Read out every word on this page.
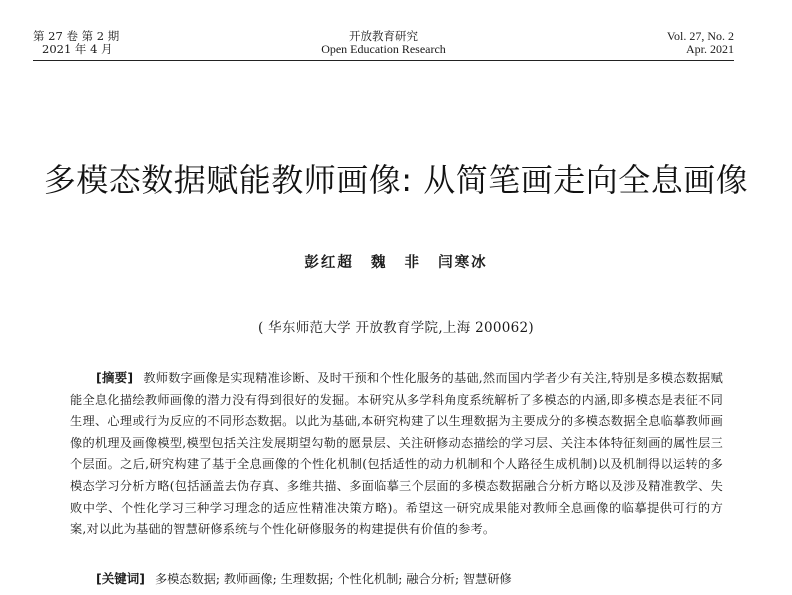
第 27 卷 第 2 期
2021 年 4 月
开放教育研究
Open Education Research
Vol. 27, No. 2
Apr. 2021
多模态数据赋能教师画像: 从简笔画走向全息画像
彭红超 魏 非 闫寒冰
( 华东师范大学 开放教育学院,上海 200062)
[摘要] 教师数字画像是实现精准诊断、及时干预和个性化服务的基础,然而国内学者少有关注,特别是多模态数据赋能全息化描绘教师画像的潜力没有得到很好的发掘。本研究从多学科角度系统解析了多模态的内涵,即多模态是表征不同生理、心理或行为反应的不同形态数据。以此为基础,本研究构建了以生理数据为主要成分的多模态数据全息临摹教师画像的机理及画像模型,模型包括关注发展期望勾勒的愿景层、关注研修动态描绘的学习层、关注本体特征刻画的属性层三个层面。之后,研究构建了基于全息画像的个性化机制(包括适性的动力机制和个人路径生成机制)以及机制得以运转的多模态学习分析方略(包括涵盖去伪存真、多维共描、多面临摹三个层面的多模态数据融合分析方略以及涉及精准教学、失败中学、个性化学习三种学习理念的适应性精准决策方略)。希望这一研究成果能对教师全息画像的临摹提供可行的方案,对以此为基础的智慧研修系统与个性化研修服务的构建提供有价值的参考。
[关键词] 多模态数据; 教师画像; 生理数据; 个性化机制; 融合分析; 智慧研修
